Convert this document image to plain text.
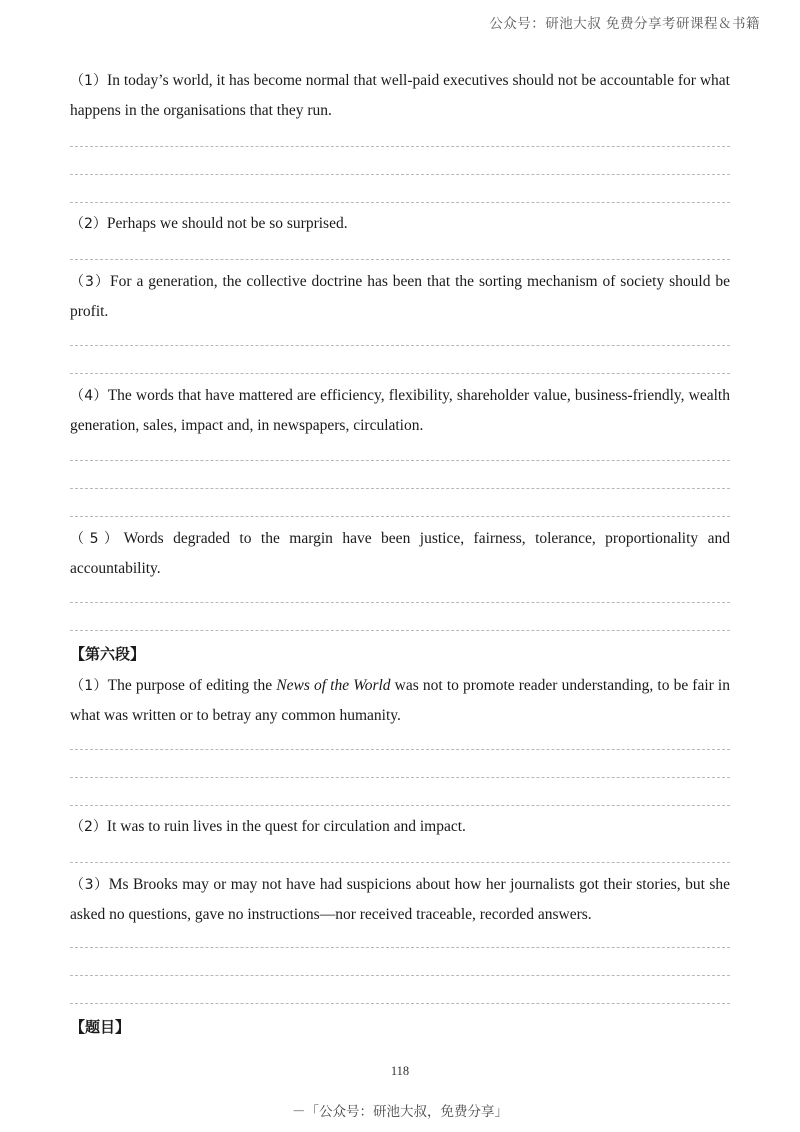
公众号：研池大叔 免费分享考研课程＆书籍
（1）In today’s world, it has become normal that well-paid executives should not be accountable for what happens in the organisations that they run.
（2）Perhaps we should not be so surprised.
（3）For a generation, the collective doctrine has been that the sorting mechanism of society should be profit.
（4）The words that have mattered are efficiency, flexibility, shareholder value, business-friendly, wealth generation, sales, impact and, in newspapers, circulation.
（5）Words degraded to the margin have been justice, fairness, tolerance, proportionality and accountability.
【第六段】
（1）The purpose of editing the News of the World was not to promote reader understanding, to be fair in what was written or to betray any common humanity.
（2）It was to ruin lives in the quest for circulation and impact.
（3）Ms Brooks may or may not have had suspicions about how her journalists got their stories, but she asked no questions, gave no instructions—nor received traceable, recorded answers.
【题目】
118
－「公众号：研池大叔，免费分享」
